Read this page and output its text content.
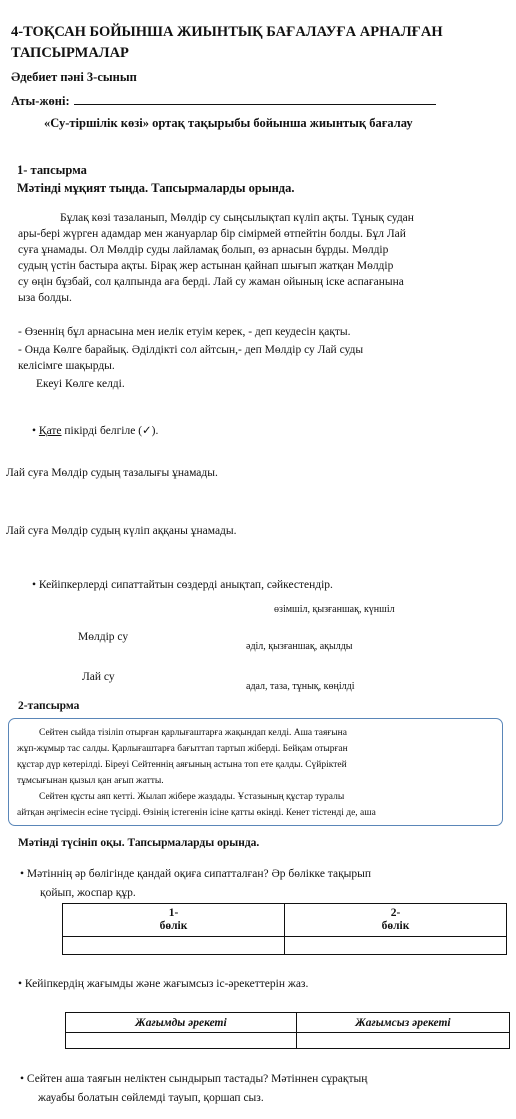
4-ТОҚСАН БОЙЫНША ЖИЫНТЫҚ БАҒАЛАУҒА АРНАЛҒАН
ТАПСЫРМАЛАР
Әдебиет пәні 3-сынып
Аты-жөні:
«Су-тіршілік көзі» ортақ тақырыбы бойынша жиынтық бағалау
1- тапсырма
Мәтінді мұқият тыңда. Тапсырмаларды орында.
Бұлақ көзі тазаланып, Мөлдір су сыңсылықтап күліп ақты. Тұнық судан
ары-бері жүрген адамдар мен жануарлар бір сімірмей өтпейтін болды. Бұл Лай
суға ұнамады. Ол Мөлдір суды лайламақ болып, өз арнасын бұрды. Мөлдір
судың үстін бастыра ақты. Бірақ жер астынан қайнап шығып жатқан Мөлдір
су өңін бұзбай, сол қалпында аға берді. Лай су жаман ойының іске аспағанына
ыза болды.
- Өзеннің бұл арнасына мен иелік етуім керек, - деп кеудесін қақты.
- Онда Көлге барайық. Әділдікті сол айтсын,- деп Мөлдір су Лай суды
келісімге шақырды.
Екеуі Көлге келді.
• Қате пікірді белгіле (✓).
Лай суға Мөлдір судың тазалығы ұнамады.
Лай суға Мөлдір судың күліп аққаны ұнамады.
• Кейіпкерлерді сипаттайтын сөздерді анықтап, сәйкестендір.
өзімшіл, қызғаншақ, күншіл
Мөлдір су
әділ, қызғаншақ, ақылды
Лай су
адал, таза, тұнық, көңілді
2-тапсырма
Сейтен сыйда тізіліп отырған қарлығаштарға жақындап келді. Аша таяғына
жұп-жұмыр тас салды. Қарлығаштарға бағыттап тартып жіберді. Бейқам отырған
құстар дүр көтерілді. Біреуі Сейтеннің аяғының астына топ ете қалды. Сүйріктей
тұмсығынан қызыл қан ағып жатты.
Сейтен құсты аяп кетті. Жылап жібере жаздады. Ұстазының құстар туралы
айтқан әңгімесін есіне түсірді. Өзінің істегенін ісіне қатты өкінді. Кенет тістенді де, аша
Мәтінді түсініп оқы. Тапсырмаларды орында.
• Мәтіннің әр бөлігінде қандай оқиға сипатталған? Әр бөлікке тақырып
қойып, жоспар құр.
1-
бөлік	2-
бөлік

• Кейіпкердің жағымды және жағымсыз іс-әрекеттерін жаз.
Жағымды әрекеті	Жағымсыз әрекеті

• Сейтен аша таяғын неліктен сындырып тастады? Мәтіннен сұрақтың
жауабы болатын сөйлемді тауып, қоршап сыз.
